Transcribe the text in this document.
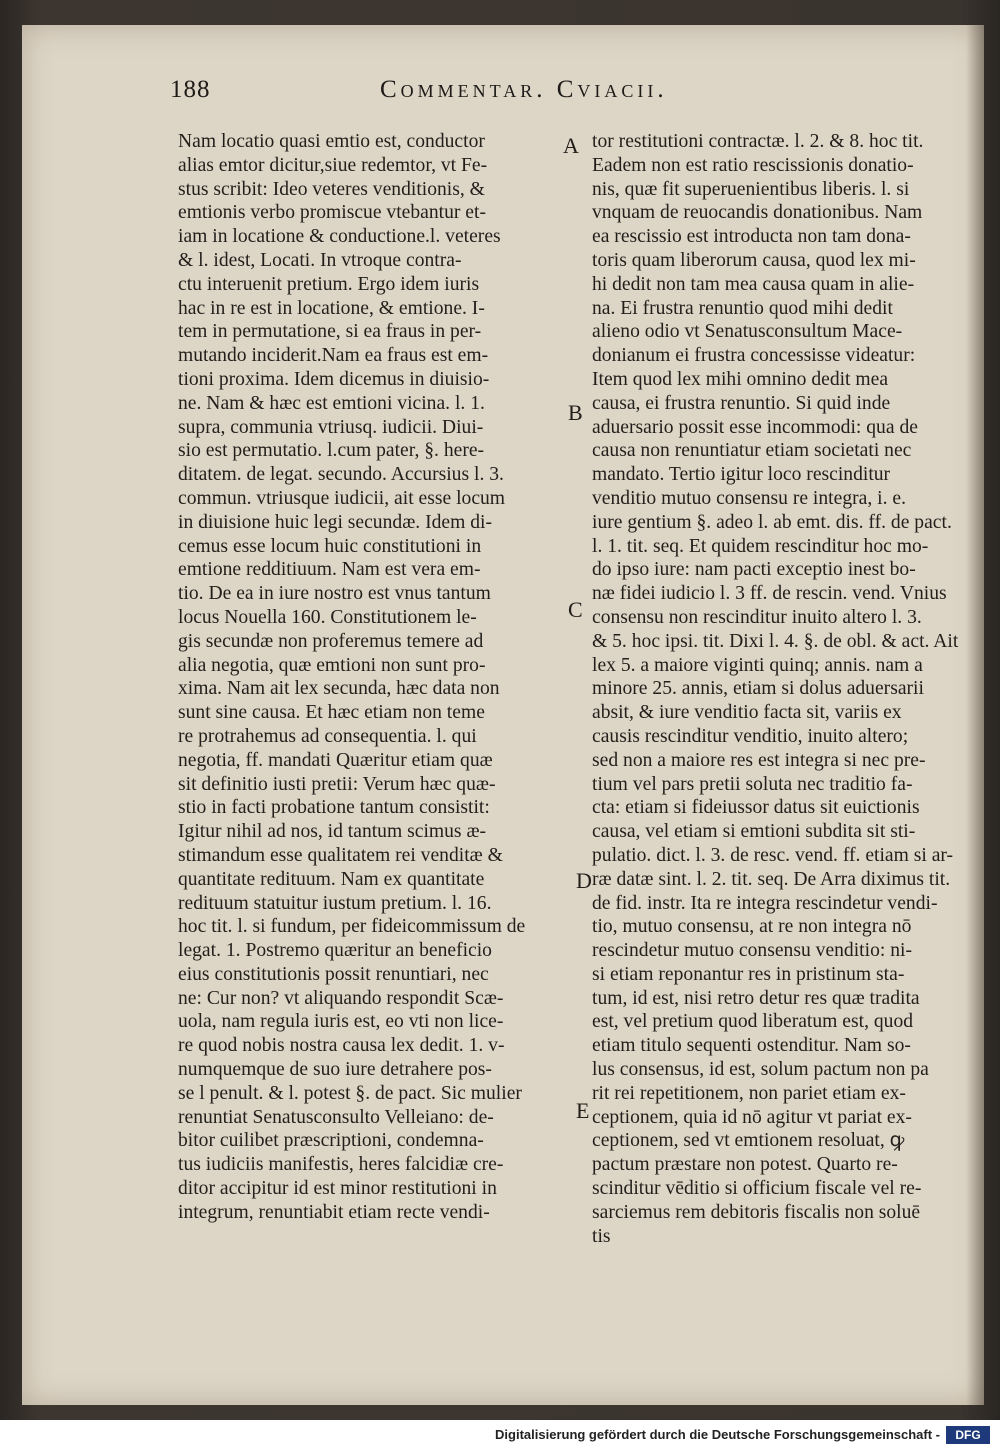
188	Commentar. Cviacii.
Nam locatio quasi emtio est, conductor
alias emtor dicitur,siue redemtor, vt Fe-
stus scribit: Ideo veteres venditionis, &
emtionis verbo promiscue vtebantur et-
iam in locatione & conductione.l. veteres
& l. idest, Locati. In vtroque contra-
ctu interuenit pretium. Ergo idem iuris
hac in re est in locatione, & emtione. I-
tem in permutatione, si ea fraus in per-
mutando inciderit.Nam ea fraus est em-
tioni proxima. Idem dicemus in diuisio-
ne. Nam & hæc est emtioni vicina. l. 1.
supra, communia vtriusq. iudicii. Diui-
sio est permutatio. l.cum pater, §. here-
ditatem. de legat. secundo. Accursius l. 3.
commun. vtriusque iudicii, ait esse locum
in diuisione huic legi secundæ. Idem di-
cemus esse locum huic constitutioni in
emtione redditiuum. Nam est vera em-
tio. De ea in iure nostro est vnus tantum
locus Nouella 160. Constitutionem le-
gis secundæ non proferemus temere ad
alia negotia, quæ emtioni non sunt pro-
xima. Nam ait lex secunda, hæc data non
sunt sine causa. Et hæc etiam non teme
re protrahemus ad consequentia. l. qui
negotia, ff. mandati Quæritur etiam quæ
sit definitio iusti pretii: Verum hæc quæ-
stio in facti probatione tantum consistit:
Igitur nihil ad nos, id tantum scimus æ-
stimandum esse qualitatem rei venditæ &
quantitate redituum. Nam ex quantitate
redituum statuitur iustum pretium. l. 16.
hoc tit. l. si fundum, per fideicommissum de
legat. 1. Postremo quæritur an beneficio
eius constitutionis possit renuntiari, nec
ne: Cur non? vt aliquando respondit Scæ-
uola, nam regula iuris est, eo vti non lice-
re quod nobis nostra causa lex dedit. 1. v-
numquemque de suo iure detrahere pos-
se l penult. & l. potest §. de pact. Sic mulier
renuntiat Senatusconsulto Velleiano: de-
bitor cuilibet præscriptioni, condemna-
tus iudiciis manifestis, heres falcidiæ cre-
ditor accipitur id est minor restitutioni in
integrum, renuntiabit etiam recte vendi-
tor restitutioni contractæ. l. 2. & 8. hoc tit.
Eadem non est ratio rescissionis donatio-
nis, quæ fit superuenientibus liberis. l. si
vnquam de reuocandis donationibus. Nam
ea rescissio est introducta non tam dona-
toris quam liberorum causa, quod lex mi-
hi dedit non tam mea causa quam in alie-
na. Ei frustra renuntio quod mihi dedit
alieno odio vt Senatusconsultum Mace-
donianum ei frustra concessisse videatur:
Item quod lex mihi omnino dedit mea
causa, ei frustra renuntio. Si quid inde
aduersario possit esse incommodi: qua de
causa non renuntiatur etiam societati nec
mandato. Tertio igitur loco rescinditur
venditio mutuo consensu re integra, i. e.
iure gentium §. adeo l. ab emt. dis. ff. de pact.
l. 1. tit. seq. Et quidem rescinditur hoc mo-
do ipso iure: nam pacti exceptio inest bo-
næ fidei iudicio l. 3 ff. de rescin. vend. Vnius
consensu non rescinditur inuito altero l. 3.
& 5. hoc ipsi. tit. Dixi l. 4. §. de obl. & act. Ait
lex 5. a maiore viginti quinq; annis. nam a
minore 25. annis, etiam si dolus aduersarii
absit, & iure venditio facta sit, variis ex
causis rescinditur venditio, inuito altero;
sed non a maiore res est integra si nec pre-
tium vel pars pretii soluta nec traditio fa-
cta: etiam si fideiussor datus sit euictionis
causa, vel etiam si emtioni subdita sit sti-
pulatio. dict. l. 3. de resc. vend. ff. etiam si ar-
ræ datæ sint. l. 2. tit. seq. De Arra diximus tit.
de fid. instr. Ita re integra rescindetur vendi-
tio, mutuo consensu, at re non integra nō
rescindetur mutuo consensu venditio: ni-
si etiam reponantur res in pristinum sta-
tum, id est, nisi retro detur res quæ tradita
est, vel pretium quod liberatum est, quod
etiam titulo sequenti ostenditur. Nam so-
lus consensus, id est, solum pactum non pa
rit rei repetitionem, non pariet etiam ex-
ceptionem, quia id nō agitur vt pariat ex-
ceptionem, sed vt emtionem resoluat, ꝙ
pactum præstare non potest. Quarto re-
scinditur vēditio si officium fiscale vel re-
sarciemus rem debitoris fiscalis non soluē
tis
A
B
C
D
E
Digitalisierung gefördert durch die Deutsche Forschungsgemeinschaft -	DFG
